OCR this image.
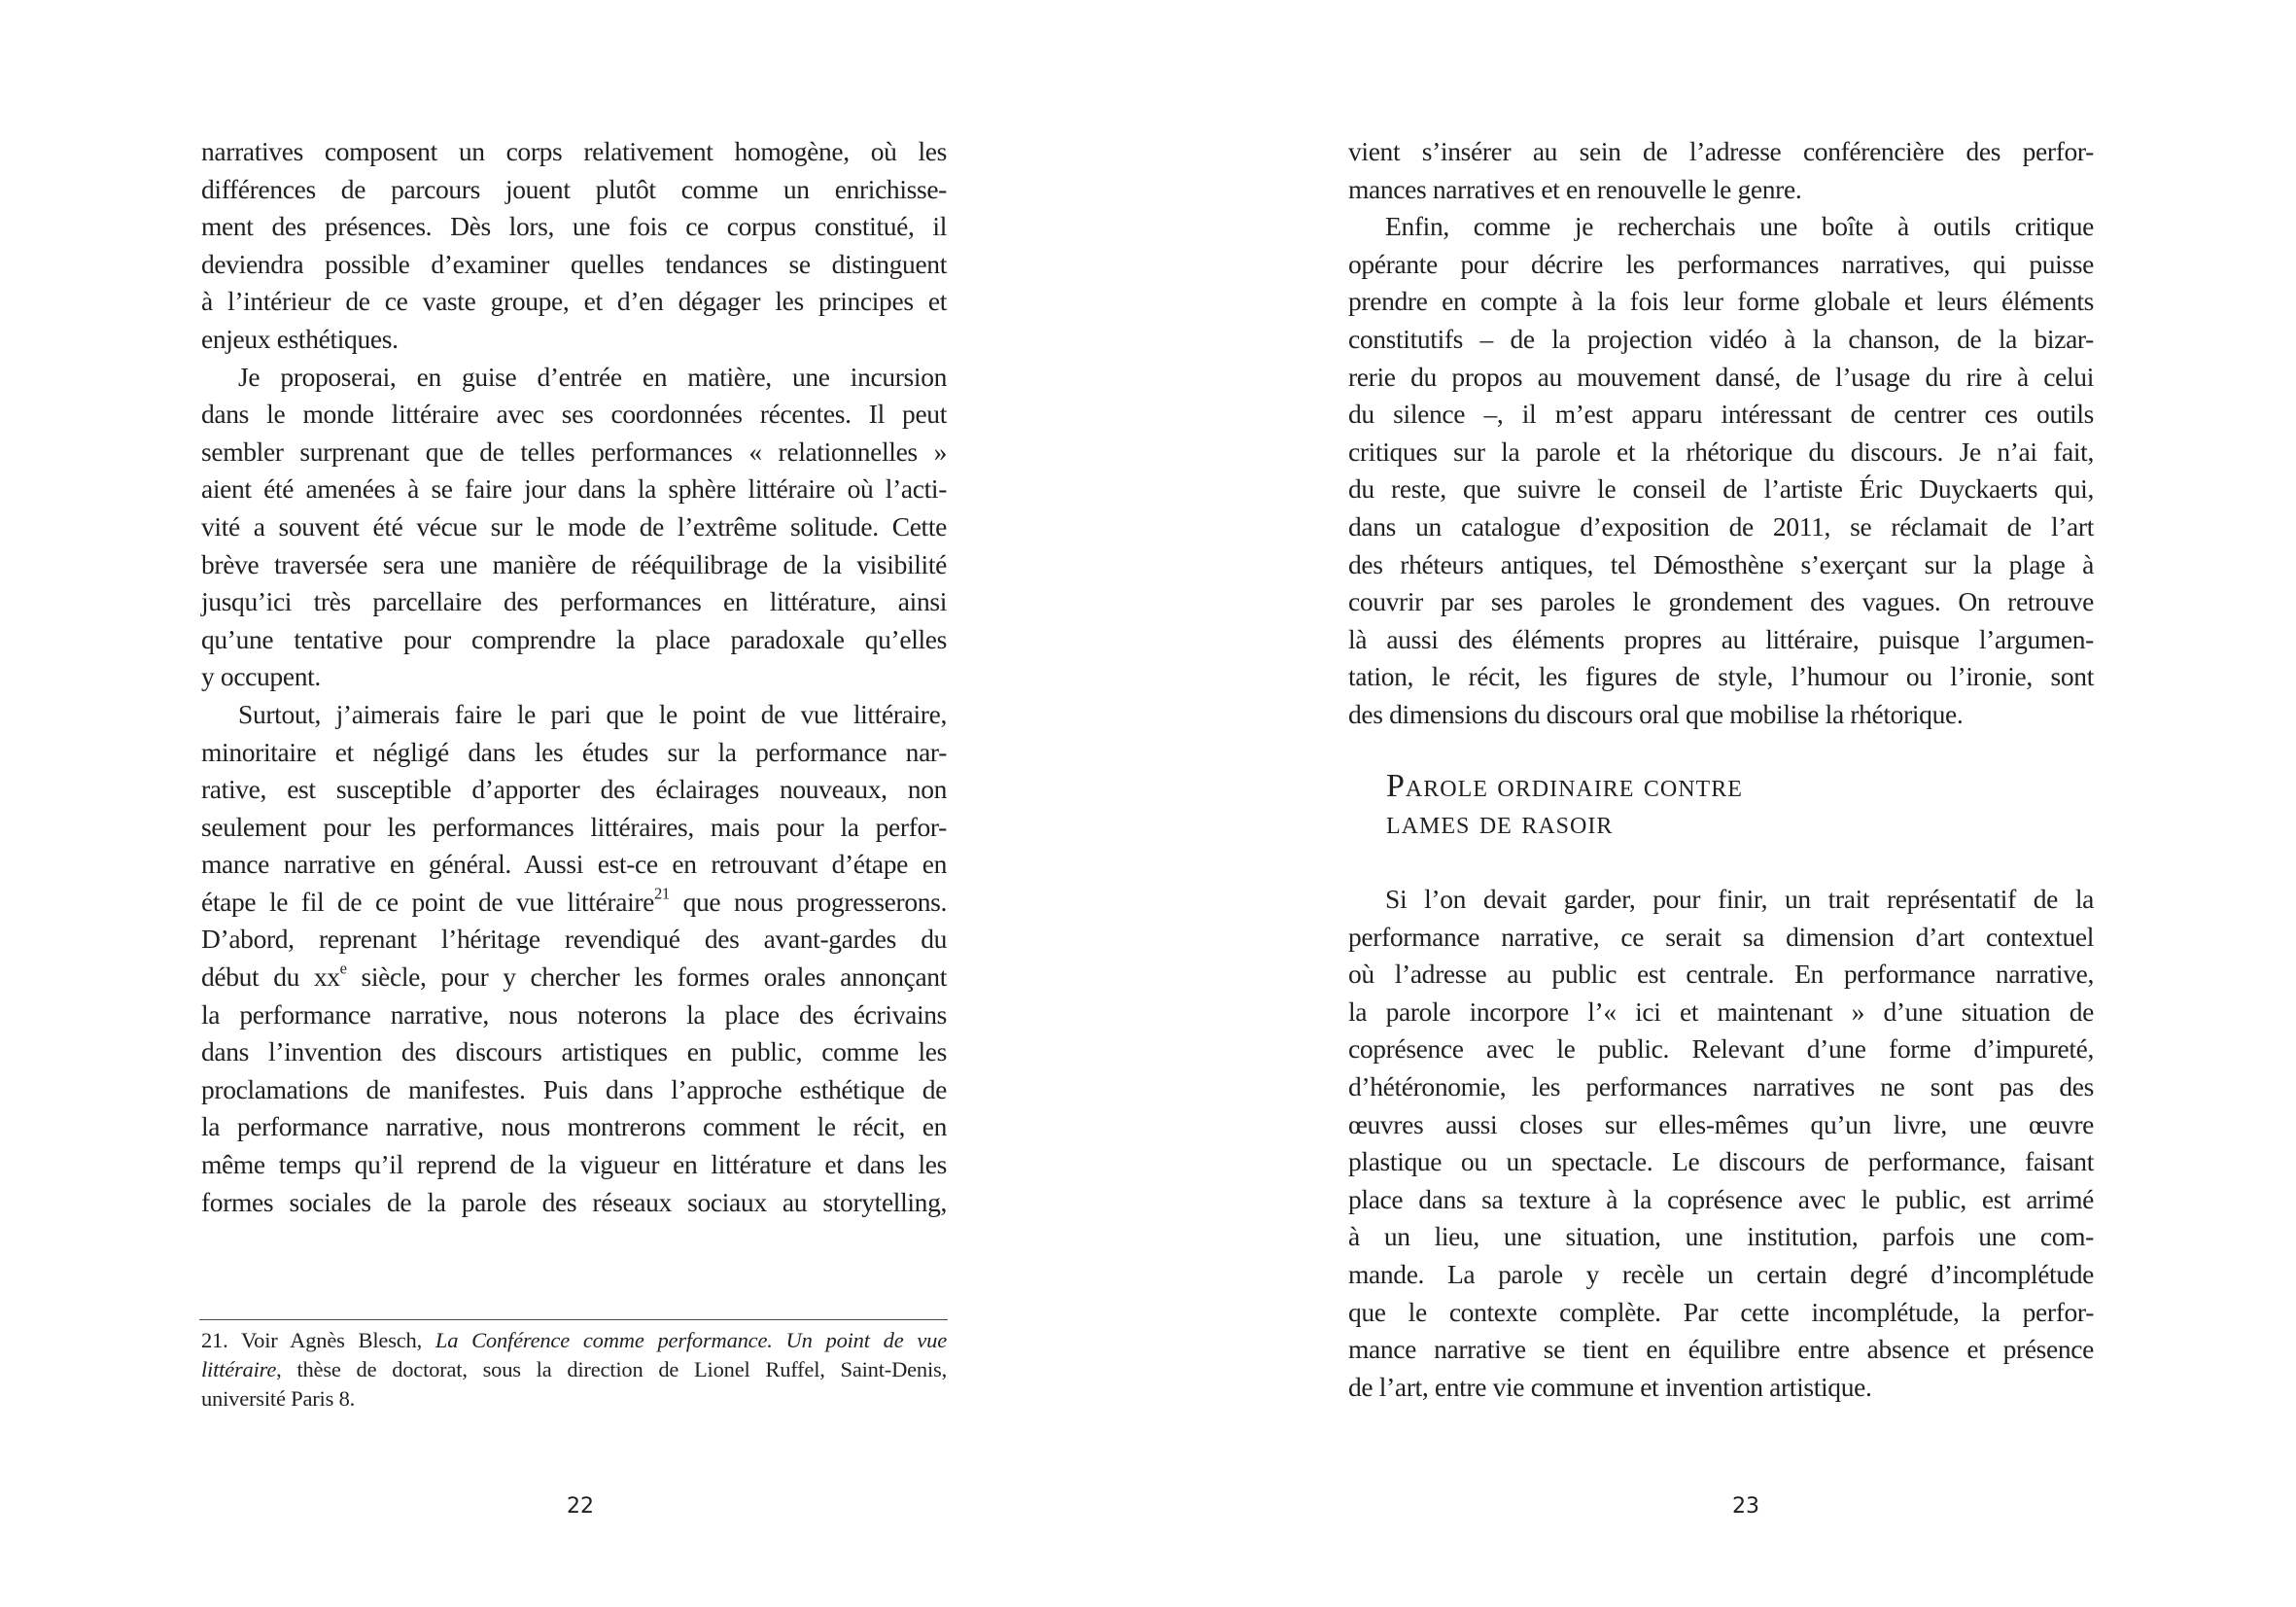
narratives composent un corps relativement homogène, où les
différences de parcours jouent plutôt comme un enrichisse-
ment des présences. Dès lors, une fois ce corpus constitué, il
deviendra possible d’examiner quelles tendances se distinguent
à l’intérieur de ce vaste groupe, et d’en dégager les principes et
enjeux esthétiques.
Je proposerai, en guise d’entrée en matière, une incursion
dans le monde littéraire avec ses coordonnées récentes. Il peut
sembler surprenant que de telles performances « relationnelles »
aient été amenées à se faire jour dans la sphère littéraire où l’acti-
vité a souvent été vécue sur le mode de l’extrême solitude. Cette
brève traversée sera une manière de rééquilibrage de la visibilité
jusqu’ici très parcellaire des performances en littérature, ainsi
qu’une tentative pour comprendre la place paradoxale qu’elles
y occupent.
Surtout, j’aimerais faire le pari que le point de vue littéraire,
minoritaire et négligé dans les études sur la performance nar-
rative, est susceptible d’apporter des éclairages nouveaux, non
seulement pour les performances littéraires, mais pour la perfor-
mance narrative en général. Aussi est-ce en retrouvant d’étape en
étape le fil de ce point de vue littéraire$^{21}$ que nous progresserons.
D’abord, reprenant l’héritage revendiqué des avant-gardes du
début du $xx^e$ siècle, pour y chercher les formes orales annonçant
la performance narrative, nous noterons la place des écrivains
dans l’invention des discours artistiques en public, comme les
proclamations de manifestes. Puis dans l’approche esthétique de
la performance narrative, nous montrerons comment le récit, en
même temps qu’il reprend de la vigueur en littérature et dans les
formes sociales de la parole des réseaux sociaux au storytelling,
21. Voir Agnès Blesch, La Conférence comme performance. Un point de vue
littéraire, thèse de doctorat, sous la direction de Lionel Ruffel, Saint-Denis,
université Paris 8.
22	23
vient s’insérer au sein de l’adresse conférencière des perfor-
mances narratives et en renouvelle le genre.
Enfin, comme je recherchais une boîte à outils critique
opérante pour décrire les performances narratives, qui puisse
prendre en compte à la fois leur forme globale et leurs éléments
constitutifs – de la projection vidéo à la chanson, de la bizar-
rerie du propos au mouvement dansé, de l’usage du rire à celui
du silence –, il m’est apparu intéressant de centrer ces outils
critiques sur la parole et la rhétorique du discours. Je n’ai fait,
du reste, que suivre le conseil de l’artiste Éric Duyckaerts qui,
dans un catalogue d’exposition de 2011, se réclamait de l’art
des rhéteurs antiques, tel Démosthène s’exerçant sur la plage à
couvrir par ses paroles le grondement des vagues. On retrouve
là aussi des éléments propres au littéraire, puisque l’argumen-
tation, le récit, les figures de style, l’humour ou l’ironie, sont
des dimensions du discours oral que mobilise la rhétorique.
Parole ordinaire contre
lames de rasoir
Si l’on devait garder, pour finir, un trait représentatif de la
performance narrative, ce serait sa dimension d’art contextuel
où l’adresse au public est centrale. En performance narrative,
la parole incorpore l’« ici et maintenant » d’une situation de
coprésence avec le public. Relevant d’une forme d’impureté,
d’hétéronomie, les performances narratives ne sont pas des
œuvres aussi closes sur elles-mêmes qu’un livre, une œuvre
plastique ou un spectacle. Le discours de performance, faisant
place dans sa texture à la coprésence avec le public, est arrimé
à un lieu, une situation, une institution, parfois une com-
mande. La parole y recèle un certain degré d’incomplétude
que le contexte complète. Par cette incomplétude, la perfor-
mance narrative se tient en équilibre entre absence et présence
de l’art, entre vie commune et invention artistique.
